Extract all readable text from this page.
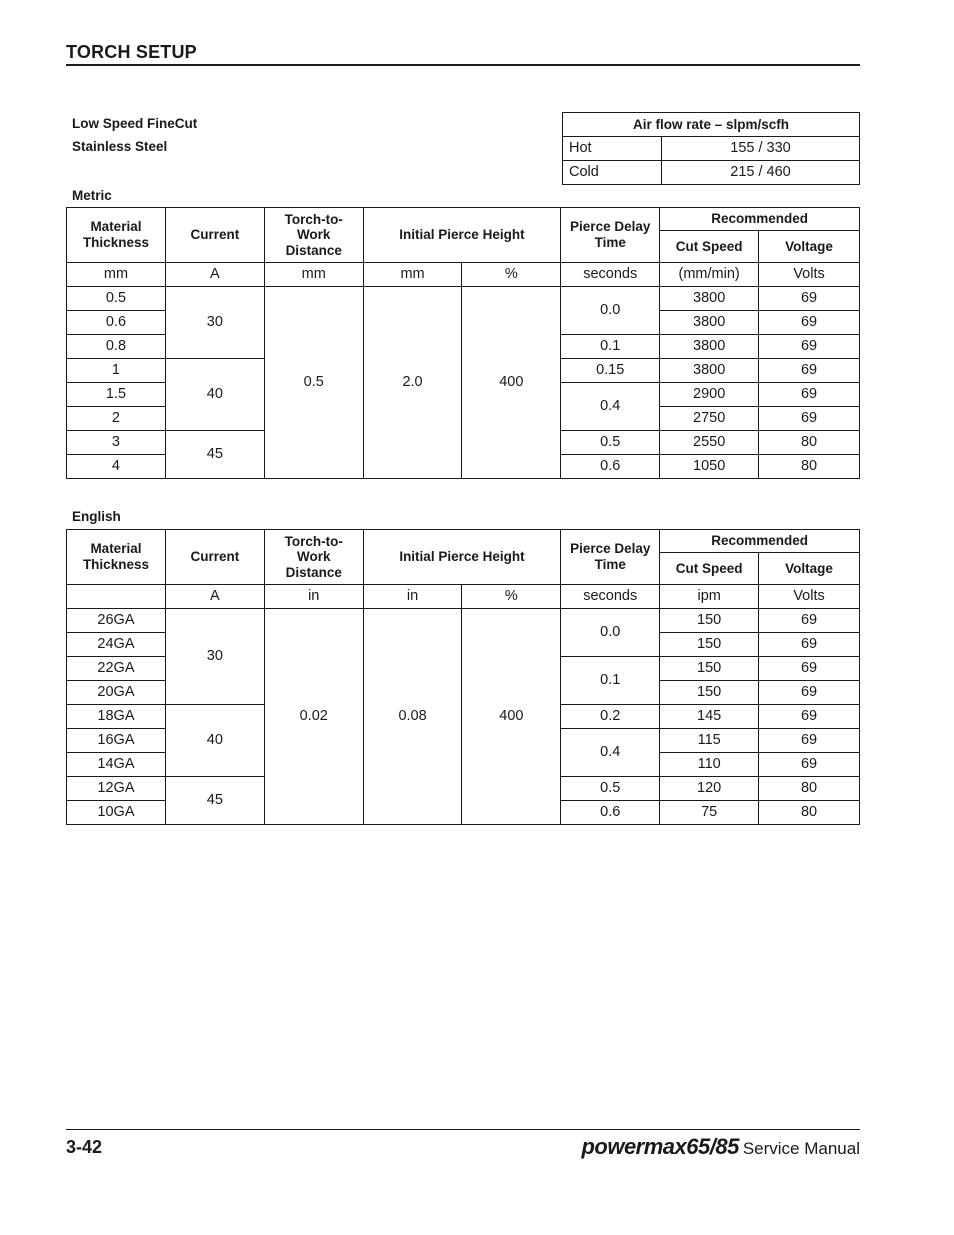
TORCH SETUP
Low Speed FineCut
Stainless Steel
Air flow rate – slpm/scfh	
Hot	155 / 330
Cold	215 / 460
Metric
Material Thickness	Current	Torch-to-Work Distance	Initial Pierce Height		Pierce Delay Time	Recommended	
						Cut Speed	Voltage
mm	A	mm	mm	%	seconds	(mm/min)	Volts
0.5	30	0.5	2.0	400	0.0	3800	69
0.6						3800	69
0.8					0.1	3800	69
1	40				0.15	3800	69
1.5					0.4	2900	69
2						2750	69
3	45				0.5	2550	80
4					0.6	1050	80
English
Material Thickness	Current	Torch-to-Work Distance	Initial Pierce Height		Pierce Delay Time	Recommended	
						Cut Speed	Voltage
	A	in	in	%	seconds	ipm	Volts
26GA	30	0.02	0.08	400	0.0	150	69
24GA						150	69
22GA					0.1	150	69
20GA						150	69
18GA	40				0.2	145	69
16GA					0.4	115	69
14GA						110	69
12GA	45				0.5	120	80
10GA					0.6	75	80
3-42	powermax65/85 Service Manual
